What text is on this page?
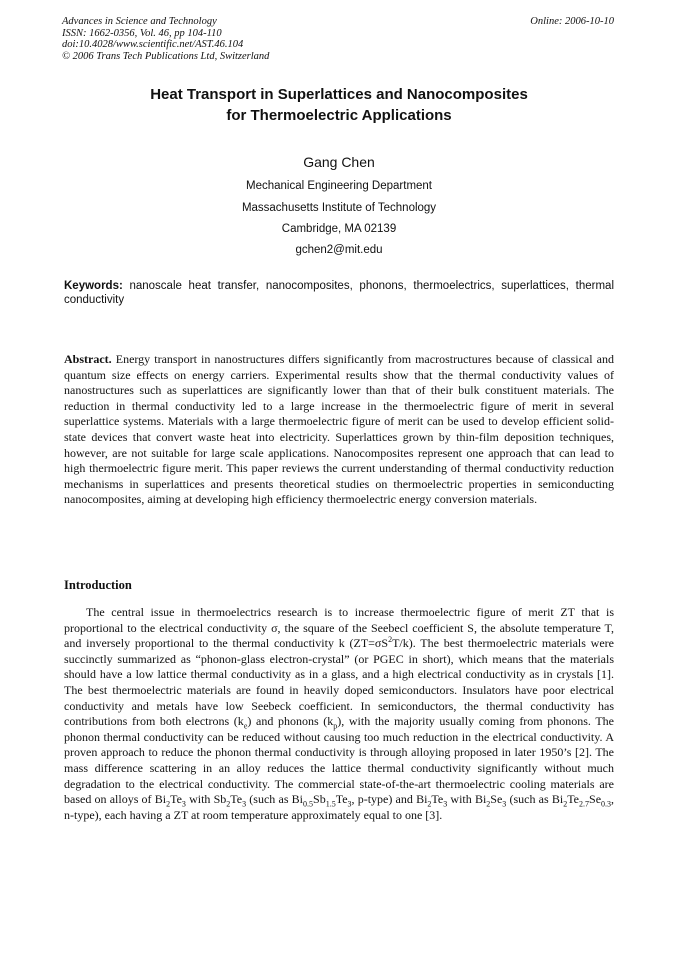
Advances in Science and Technology
ISSN: 1662-0356, Vol. 46, pp 104-110
doi:10.4028/www.scientific.net/AST.46.104
© 2006 Trans Tech Publications Ltd, Switzerland
Online: 2006-10-10
Heat Transport in Superlattices and Nanocomposites
for Thermoelectric Applications
Gang Chen
Mechanical Engineering Department
Massachusetts Institute of Technology
Cambridge, MA 02139
gchen2@mit.edu
Keywords: nanoscale heat transfer, nanocomposites, phonons, thermoelectrics, superlattices, thermal conductivity
Abstract. Energy transport in nanostructures differs significantly from macrostructures because of classical and quantum size effects on energy carriers. Experimental results show that the thermal conductivity values of nanostructures such as superlattices are significantly lower than that of their bulk constituent materials. The reduction in thermal conductivity led to a large increase in the thermoelectric figure of merit in several superlattice systems. Materials with a large thermoelectric figure of merit can be used to develop efficient solid-state devices that convert waste heat into electricity. Superlattices grown by thin-film deposition techniques, however, are not suitable for large scale applications. Nanocomposites represent one approach that can lead to high thermoelectric figure merit. This paper reviews the current understanding of thermal conductivity reduction mechanisms in superlattices and presents theoretical studies on thermoelectric properties in semiconducting nanocomposites, aiming at developing high efficiency thermoelectric energy conversion materials.
Introduction

The central issue in thermoelectrics research is to increase thermoelectric figure of merit ZT that is proportional to the electrical conductivity σ, the square of the Seebecl coefficient S, the absolute temperature T, and inversely proportional to the thermal conductivity k $(ZT=\sigma S^2T/k)$. The best thermoelectric materials were succinctly summarized as “phonon-glass electron-crystal” (or PGEC in short), which means that the materials should have a low lattice thermal conductivity as in a glass, and a high electrical conductivity as in crystals [1]. The best thermoelectric materials are found in heavily doped semiconductors. Insulators have poor electrical conductivity and metals have low Seebeck coefficient. In semiconductors, the thermal conductivity has contributions from both electrons $(k_e)$ and phonons $(k_p)$, with the majority usually coming from phonons. The phonon thermal conductivity can be reduced without causing too much reduction in the electrical conductivity. A proven approach to reduce the phonon thermal conductivity is through alloying proposed in later 1950’s [2]. The mass difference scattering in an alloy reduces the lattice thermal conductivity significantly without much degradation to the electrical conductivity. The commercial state-of-the-art thermoelectric cooling materials are based on alloys of $Bi_2Te_3$ with $Sb_2Te_3$ (such as $Bi_{0.5}Sb_{1.5}Te_3$, p-type) and $Bi_2Te_3$ with $Bi_2Se_3$ (such as $Bi_2Te_{2.7}Se_{0.3}$, n-type), each having a ZT at room temperature approximately equal to one [3].
